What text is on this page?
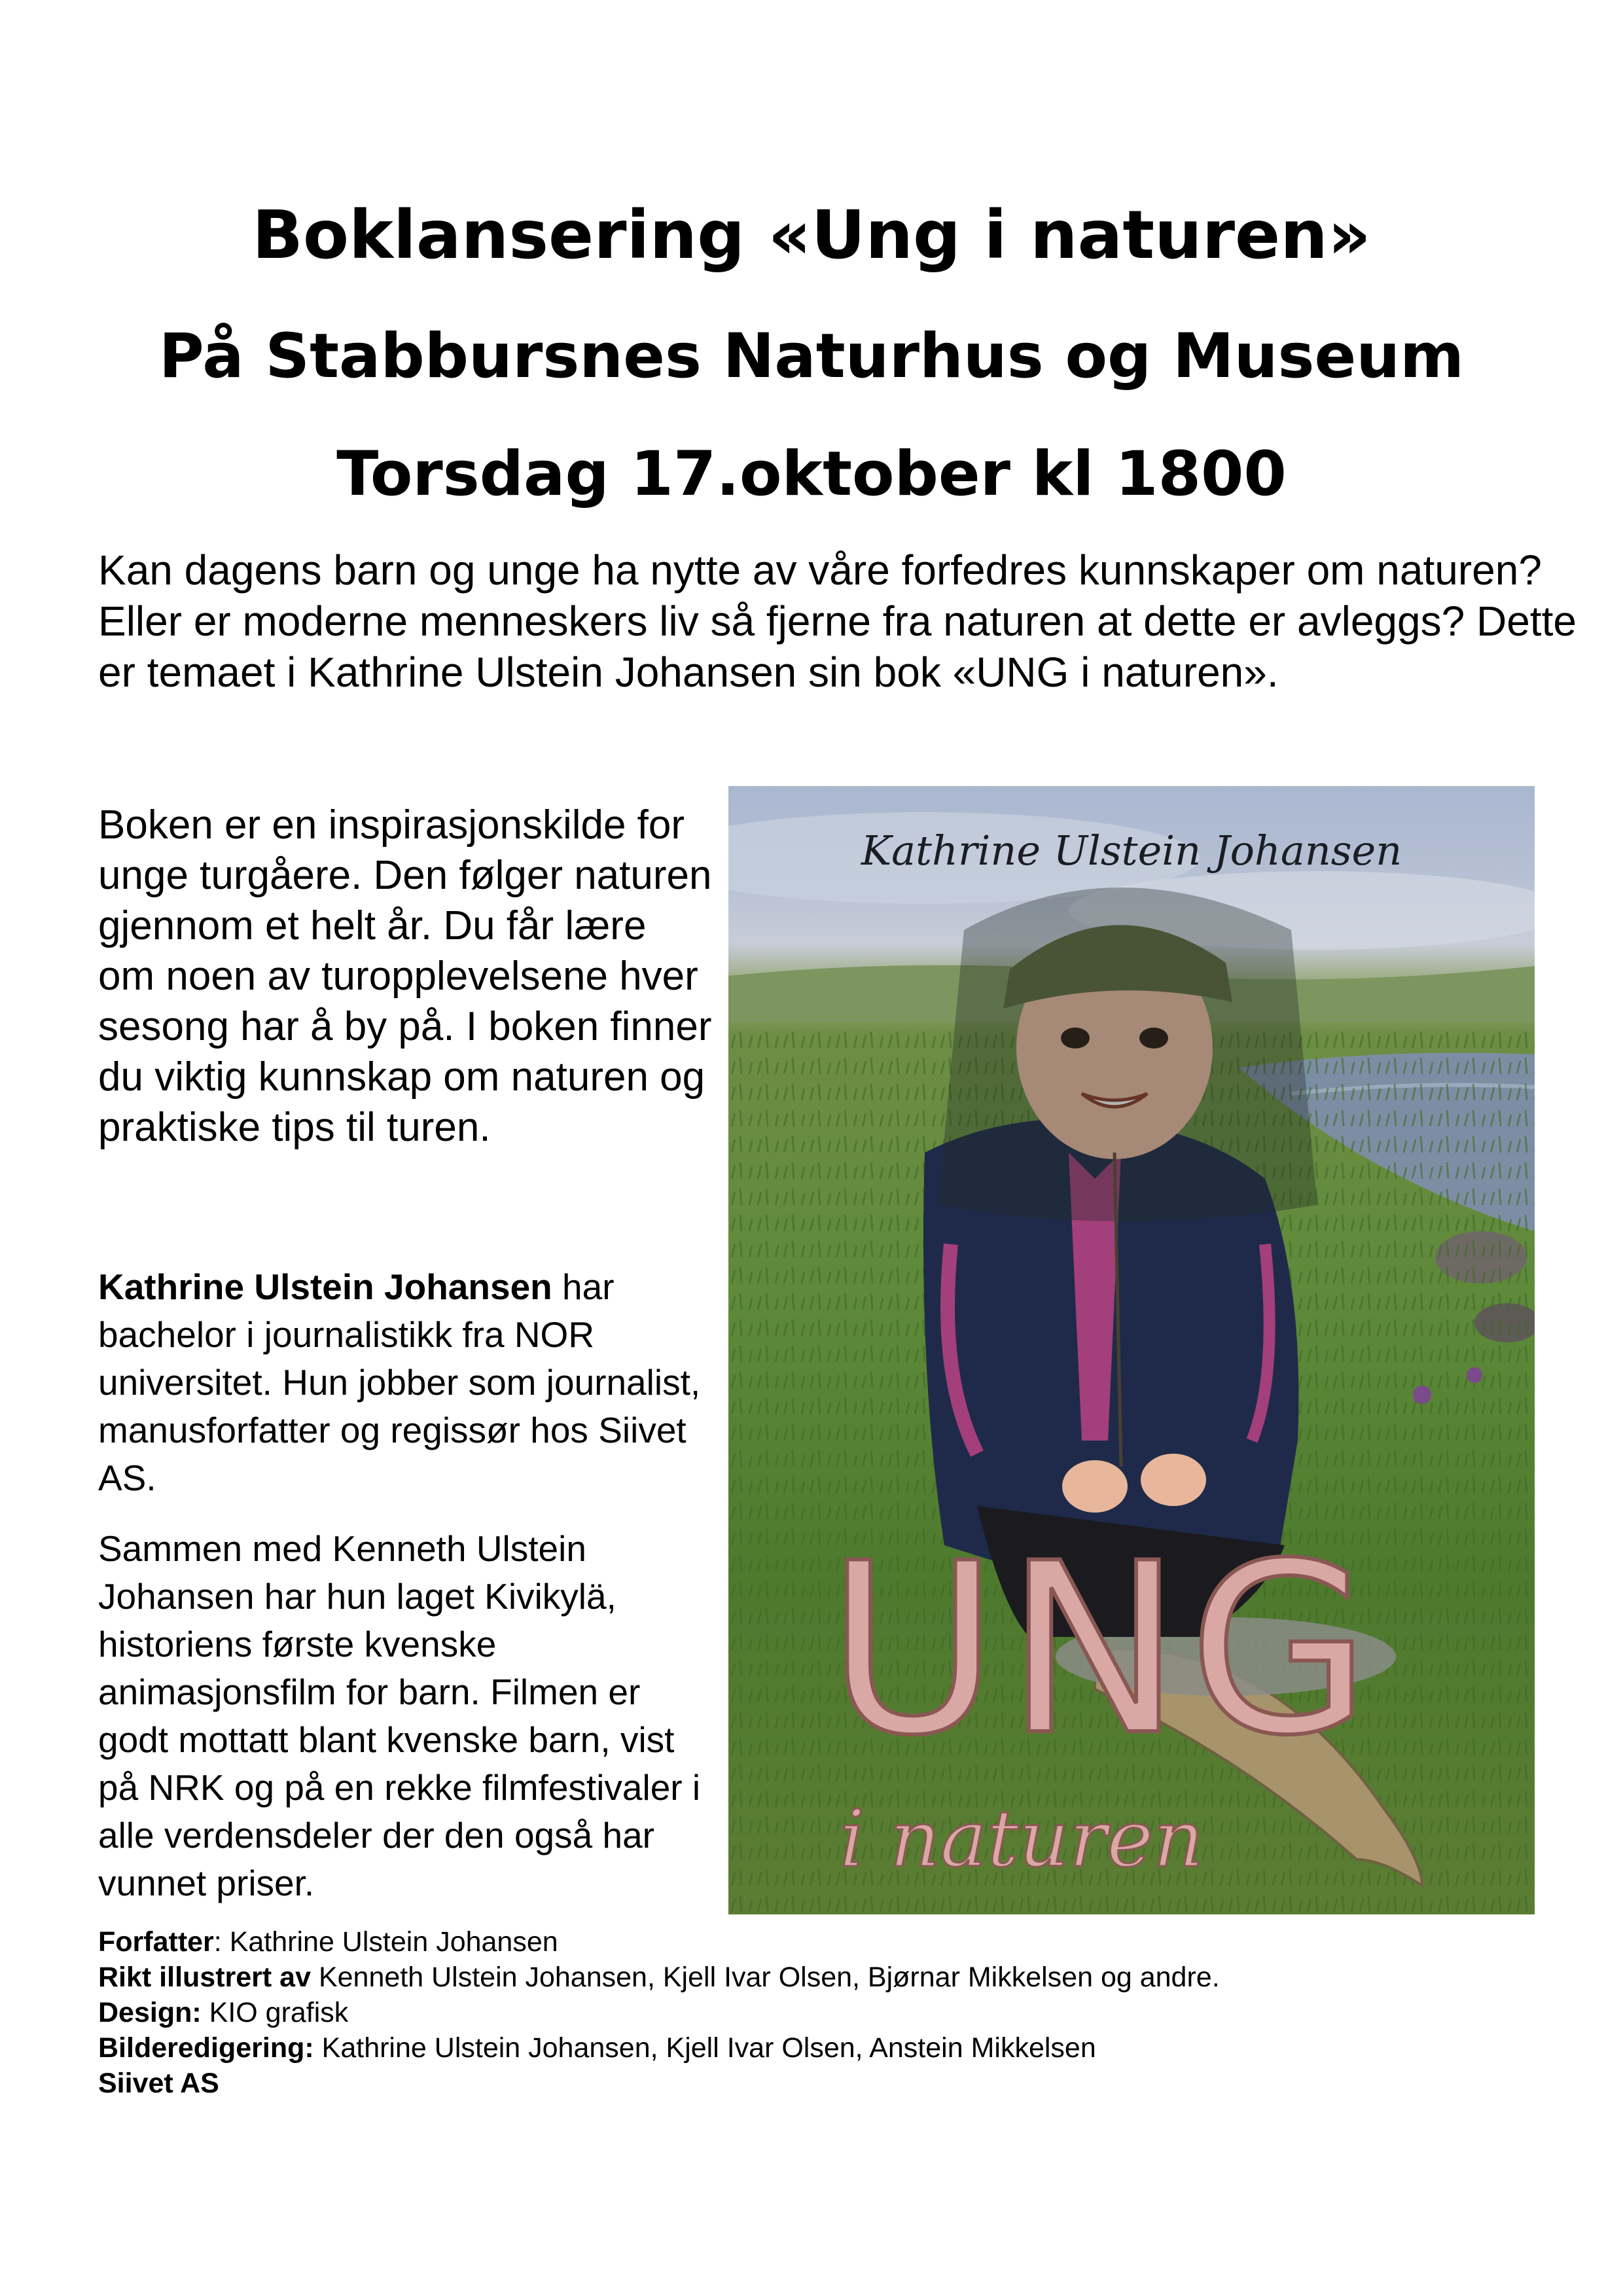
Boklansering «Ung i naturen»
På Stabbursnes Naturhus og Museum
Torsdag 17.oktober kl 1800

Kan dagens barn og unge ha nytte av våre forfedres kunnskaper om naturen? Eller er moderne menneskers liv så fjerne fra naturen at dette er avleggs? Dette er temaet i Kathrine Ulstein Johansen sin bok «UNG i naturen».

Boken er en inspirasjonskilde for unge turgåere. Den følger naturen gjennom et helt år. Du får lære om noen av turopplevelsene hver sesong har å by på. I boken finner du viktig kunnskap om naturen og praktiske tips til turen.

Kathrine Ulstein Johansen har bachelor i journalistikk fra NOR universitet. Hun jobber som journalist, manusforfatter og regissør hos Siivet AS.

Sammen med Kenneth Ulstein Johansen har hun laget Kivikylä, historiens første kvenske animasjonsfilm for barn. Filmen er godt mottatt blant kvenske barn, vist på NRK og på en rekke filmfestivaler i alle verdensdeler der den også har vunnet priser.

Kathrine Ulstein Johansen
UNG
i naturen
Forfatter: Kathrine Ulstein Johansen
Rikt illustrert av Kenneth Ulstein Johansen, Kjell Ivar Olsen, Bjørnar Mikkelsen og andre.
Design: KIO grafisk
Bilderedigering: Kathrine Ulstein Johansen, Kjell Ivar Olsen, Anstein Mikkelsen
Siivet AS
